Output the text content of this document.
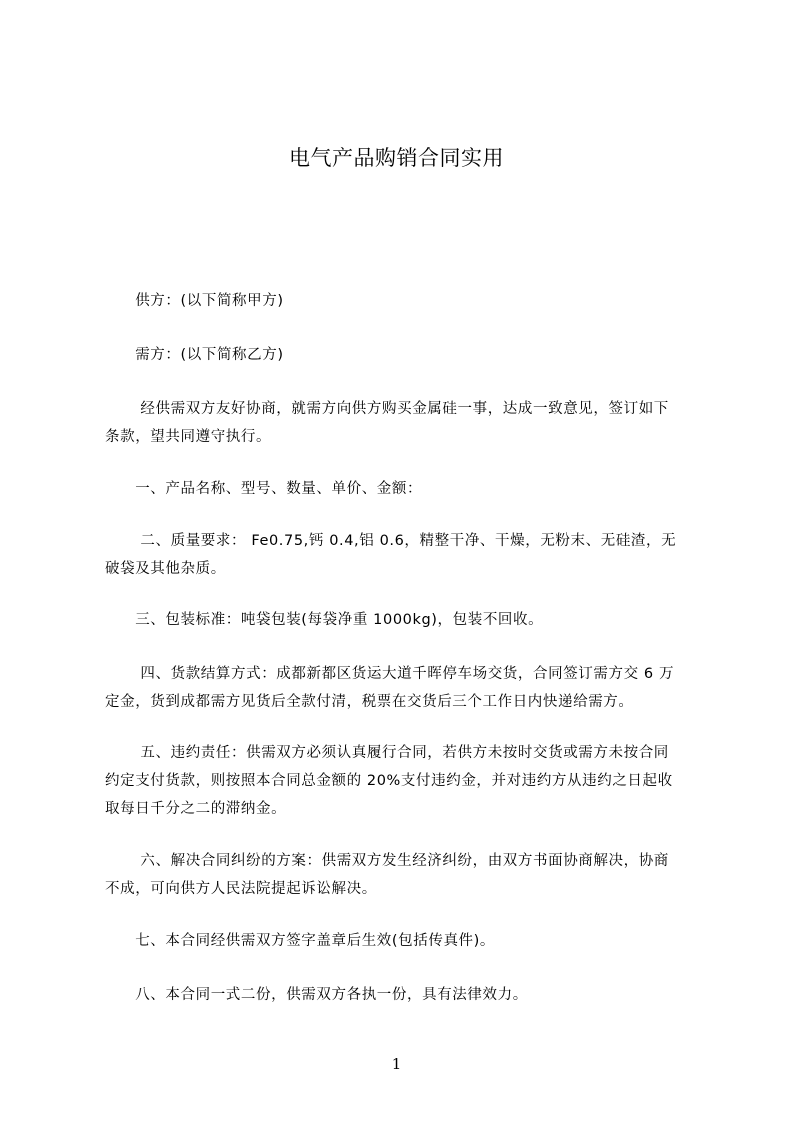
电气产品购销合同实用
　　供方：(以下简称甲方)
　　需方：(以下简称乙方)
　　 经供需双方友好协商，就需方向供方购买金属硅一事，达成一致意见，签订如下
条款，望共同遵守执行。
　　一、产品名称、型号、数量、单价、金额：
　　 二、质量要求： Fe0.75,钙 0.4,铝 0.6，精整干净、干燥，无粉末、无硅渣，无
破袋及其他杂质。
　　三、包装标准：吨袋包装(每袋净重 1000kg)，包装不回收。
　　 四、货款结算方式：成都新都区货运大道千晖停车场交货，合同签订需方交 6 万
定金，货到成都需方见货后全款付清，税票在交货后三个工作日内快递给需方。
　　 五、违约责任：供需双方必须认真履行合同，若供方未按时交货或需方未按合同
约定支付货款，则按照本合同总金额的 20%支付违约金，并对违约方从违约之日起收
取每日千分之二的滞纳金。
　　 六、解决合同纠纷的方案：供需双方发生经济纠纷，由双方书面协商解决，协商
不成，可向供方人民法院提起诉讼解决。
　　七、本合同经供需双方签字盖章后生效(包括传真件)。
　　八、本合同一式二份，供需双方各执一份，具有法律效力。
1
